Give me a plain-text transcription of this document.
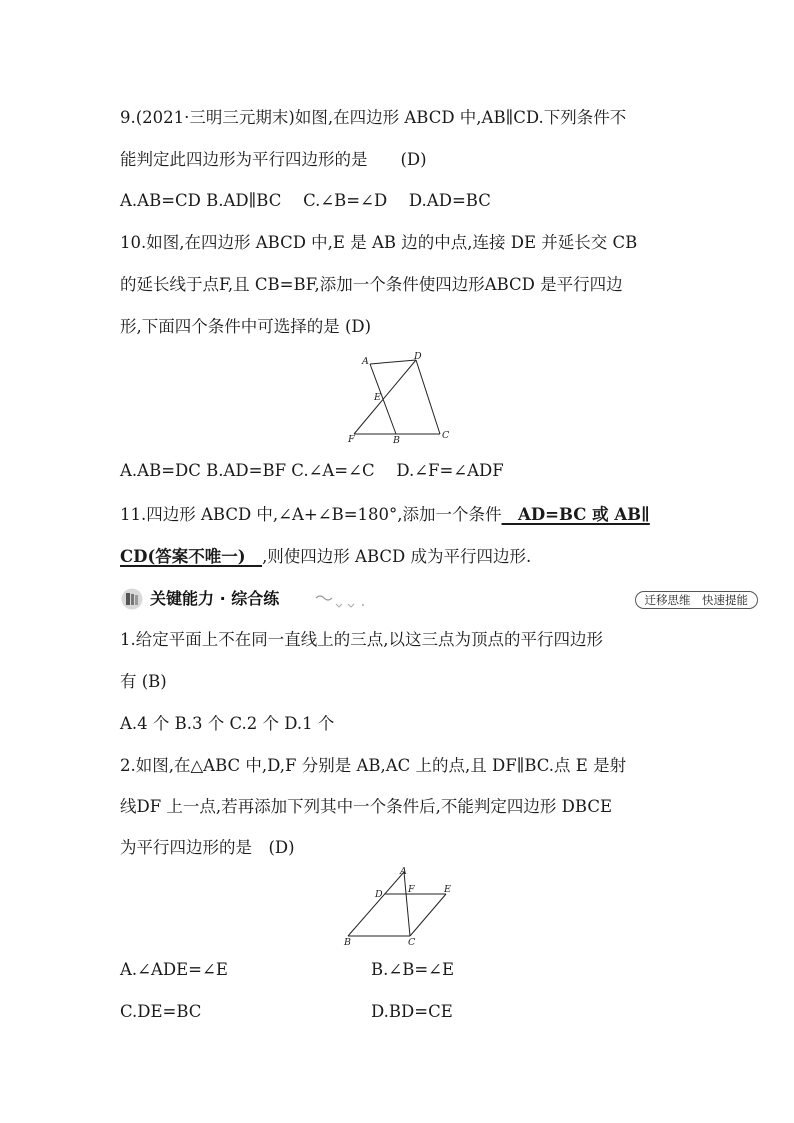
9.(2021·三明三元期末)如图,在四边形 ABCD 中,AB∥CD.下列条件不
能判定此四边形为平行四边形的是　　(D)
A.AB=CD B.AD∥BC　 C.∠B=∠D　 D.AD=BC
10.如图,在四边形 ABCD 中,E 是 AB 边的中点,连接 DE 并延长交 CB
的延长线于点F,且 CB=BF,添加一个条件使四边形ABCD 是平行四边
形,下面四个条件中可选择的是 (D)
A	D
E
F	B	C
A.AB=DC B.AD=BF C.∠A=∠C　 D.∠F=∠ADF
11.四边形 ABCD 中,∠A+∠B=180°,添加一个条件　AD=BC 或 AB∥
CD(答案不唯一)　,则使四边形 ABCD 成为平行四边形.
关键能力 · 综合练	迁移思维　快速提能
1.给定平面上不在同一直线上的三点,以这三点为顶点的平行四边形
有 (B)
A.4 个 B.3 个 C.2 个 D.1 个
2.如图,在△ABC 中,D,F 分别是 AB,AC 上的点,且 DF∥BC.点 E 是射
线DF 上一点,若再添加下列其中一个条件后,不能判定四边形 DBCE
为平行四边形的是　(D)
A
D	F	E
B	C
A.∠ADE=∠E	B.∠B=∠E
C.DE=BC	D.BD=CE
